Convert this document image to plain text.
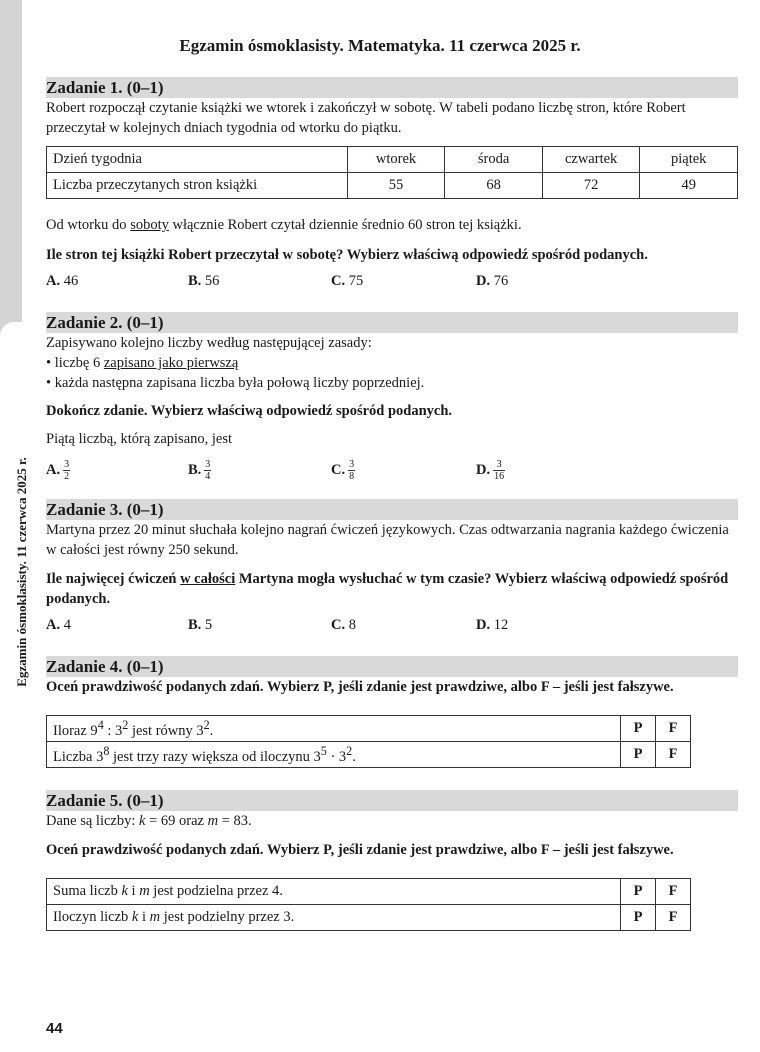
Egzamin ósmoklasisty. 11 czerwca 2025 r.
Egzamin ósmoklasisty. Matematyka. 11 czerwca 2025 r.
Zadanie 1. (0–1)

Robert rozpoczął czytanie książki we wtorek i zakończył w sobotę. W tabeli podano liczbę stron, które Robert przeczytał w kolejnych dniach tygodnia od wtorku do piątku.

Dzień tygodnia	wtorek	środa	czwartek	piątek
Liczba przeczytanych stron książki	55	68	72	49

Od wtorku do soboty włącznie Robert czytał dziennie średnio 60 stron tej książki.

Ile stron tej książki Robert przeczytał w sobotę? Wybierz właściwą odpowiedź spośród podanych.

A. 46	B. 56	C. 75	D. 76
Zadanie 2. (0–1)

Zapisywano kolejno liczby według następującej zasady:

• liczbę 6 zapisano jako pierwszą

• każda następna zapisana liczba była połową liczby poprzedniej.

Dokończ zdanie. Wybierz właściwą odpowiedź spośród podanych.

Piątą liczbą, którą zapisano, jest

A. $\frac{3}{2}$	B. $\frac{3}{4}$	C. $\frac{3}{8}$	D. $\frac{3}{16}$
Zadanie 3. (0–1)

Martyna przez 20 minut słuchała kolejno nagrań ćwiczeń językowych. Czas odtwarzania nagrania każdego ćwiczenia w całości jest równy 250 sekund.

Ile najwięcej ćwiczeń w całości Martyna mogła wysłuchać w tym czasie? Wybierz właściwą odpowiedź spośród podanych.

A. 4	B. 5	C. 8	D. 12
Zadanie 4. (0–1)

Oceń prawdziwość podanych zdań. Wybierz P, jeśli zdanie jest prawdziwe, albo F – jeśli jest fałszywe.

Iloraz $9^4$ : $3^2$ jest równy $3^2$.	P	F
Liczba $3^8$ jest trzy razy większa od iloczynu $3^5 \cdot 3^2$.	P	F
Zadanie 5. (0–1)

Dane są liczby: k = 69 oraz m = 83.

Oceń prawdziwość podanych zdań. Wybierz P, jeśli zdanie jest prawdziwe, albo F – jeśli jest fałszywe.

Suma liczb k i m jest podzielna przez 4.	P	F
Iloczyn liczb k i m jest podzielny przez 3.	P	F
44
